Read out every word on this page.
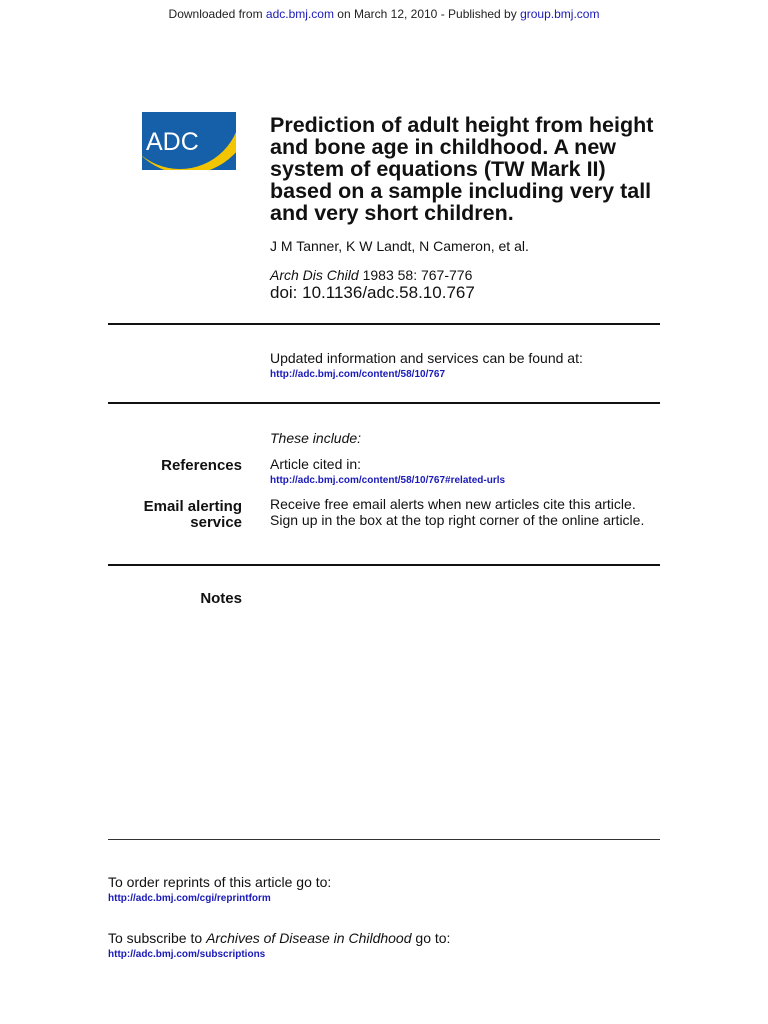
Downloaded from adc.bmj.com on March 12, 2010 - Published by group.bmj.com
ADC
Prediction of adult height from height and bone age in childhood. A new system of equations (TW Mark II) based on a sample including very tall and very short children.
J M Tanner, K W Landt, N Cameron, et al.
Arch Dis Child 1983 58: 767-776
doi: 10.1136/adc.58.10.767
Updated information and services can be found at:
http://adc.bmj.com/content/58/10/767
These include:
References Article cited in:
http://adc.bmj.com/content/58/10/767#related-urls
Email alerting
service
Receive free email alerts when new articles cite this article. Sign up in the box at the top right corner of the online article.
Notes
To order reprints of this article go to:
http://adc.bmj.com/cgi/reprintform
To subscribe to Archives of Disease in Childhood go to:
http://adc.bmj.com/subscriptions
